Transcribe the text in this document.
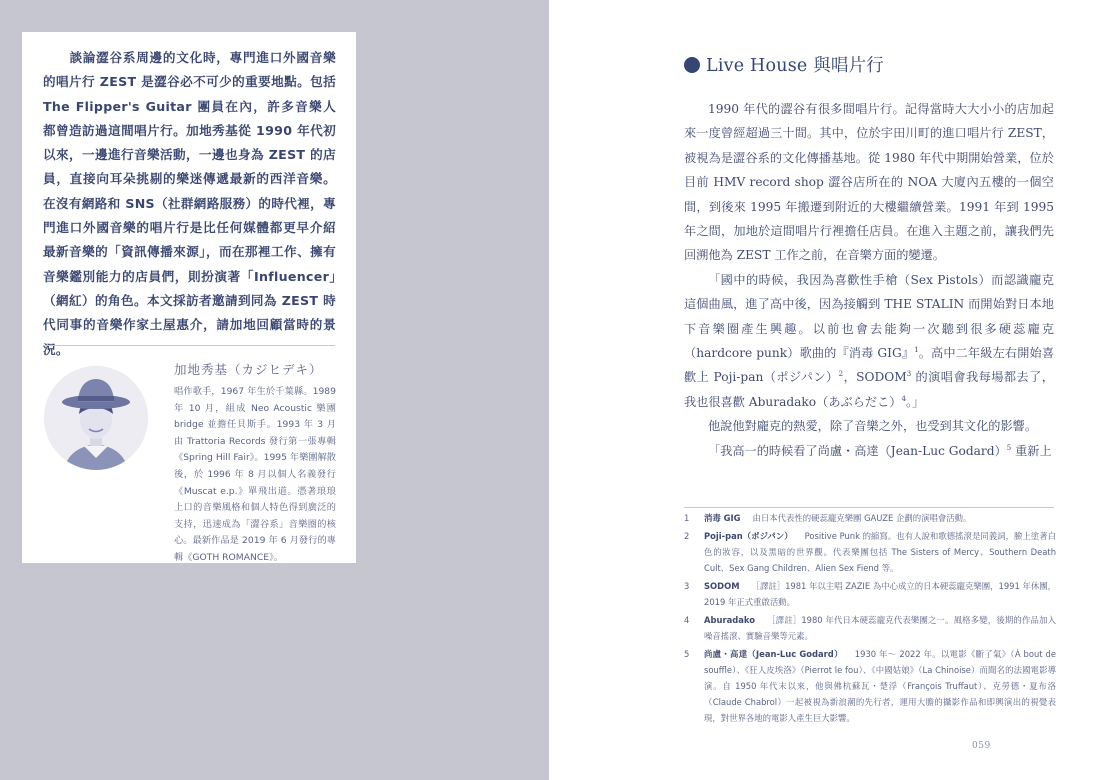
談論澀谷系周邊的文化時，專門進口外國音樂的唱片行 ZEST 是澀谷必不可少的重要地點。包括The Flipper's Guitar 團員在內，許多音樂人都曾造訪過這間唱片行。加地秀基從 1990 年代初以來，一邊進行音樂活動，一邊也身為 ZEST 的店員，直接向耳朵挑剔的樂迷傳遞最新的西洋音樂。在沒有網路和 SNS（社群網路服務）的時代裡，專門進口外國音樂的唱片行是比任何媒體都更早介紹最新音樂的「資訊傳播來源」，而在那裡工作、擁有音樂鑑別能力的店員們，則扮演著「Influencer」（網紅）的角色。本文採訪者邀請到同為 ZEST 時代同事的音樂作家土屋惠介，請加地回顧當時的景況。

加地秀基（カジヒデキ）

唱作歌手，1967 年生於千葉縣。1989 年 10 月，組成 Neo Acoustic 樂團 bridge 並擔任貝斯手。1993 年 3 月由 Trattoria Records 發行第一張專輯《Spring Hill Fair》。1995 年樂團解散後，於 1996 年 8 月以個人名義發行《Muscat e.p.》單飛出道。憑著琅琅上口的音樂風格和個人特色得到廣泛的支持，迅速成為「澀谷系」音樂圈的核心。最新作品是 2019 年 6 月發行的專輯《GOTH ROMANCE》。

Live House 與唱片行

1990 年代的澀谷有很多間唱片行。記得當時大大小小的店加起來一度曾經超過三十間。其中，位於宇田川町的進口唱片行 ZEST，被視為是澀谷系的文化傳播基地。從 1980 年代中期開始營業，位於目前 HMV record shop 澀谷店所在的 NOA 大廈內五樓的一個空間，到後來 1995 年搬遷到附近的大樓繼續營業。1991 年到 1995 年之間，加地於這間唱片行裡擔任店員。在進入主題之前，讓我們先回溯他為 ZEST 工作之前，在音樂方面的變遷。

「國中的時候，我因為喜歡性手槍（Sex Pistols）而認識龐克這個曲風，進了高中後，因為接觸到 THE STALIN 而開始對日本地下音樂圈產生興趣。以前也會去能夠一次聽到很多硬蕊龐克（hardcore punk）歌曲的『消毒 GIG』$^1$。高中二年級左右開始喜歡上 Poji-pan（ポジパン）$^2$，SODOM$^3$ 的演唱會我每場都去了，我也很喜歡 Aburadako（あぶらだこ）$^4$。」

他說他對龐克的熱愛，除了音樂之外，也受到其文化的影響。

「我高一的時候看了尚盧・高達（Jean-Luc Godard）$^5$ 重新上

1	消毒 GIG 由日本代表性的硬蕊龐克樂團 GAUZE 企劃的演唱會活動。
2	Poji-pan（ポジパン） Positive Punk 的縮寫。也有人說和歌德搖滾是同義詞，臉上塗著白色的妝容，以及黑暗的世界觀。代表樂團包括 The Sisters of Mercy、Southern Death Cult、Sex Gang Children、Alien Sex Fiend 等。
3	SODOM ［譯註］1981 年以主唱 ZAZIE 為中心成立的日本硬蕊龐克樂團，1991 年休團，2019 年正式重啟活動。
4	Aburadako ［譯註］1980 年代日本硬蕊龐克代表樂團之一。風格多變，後期的作品加入噪音搖滾、實驗音樂等元素。
5	尚盧・高達（Jean-Luc Godard） 1930 年～ 2022 年。以電影《斷了氣》（À bout de souffle）、《狂人皮埃洛》（Pierrot le fou）、《中國姑娘》（La Chinoise）而聞名的法國電影導演。自 1950 年代末以來，他與佛杭蘇瓦・楚浮（François Truffaut）、克勞德・夏布洛（Claude Chabrol）一起被視為新浪潮的先行者，運用大膽的攝影作品和即興演出的視覺表現，對世界各地的電影人產生巨大影響。
059
